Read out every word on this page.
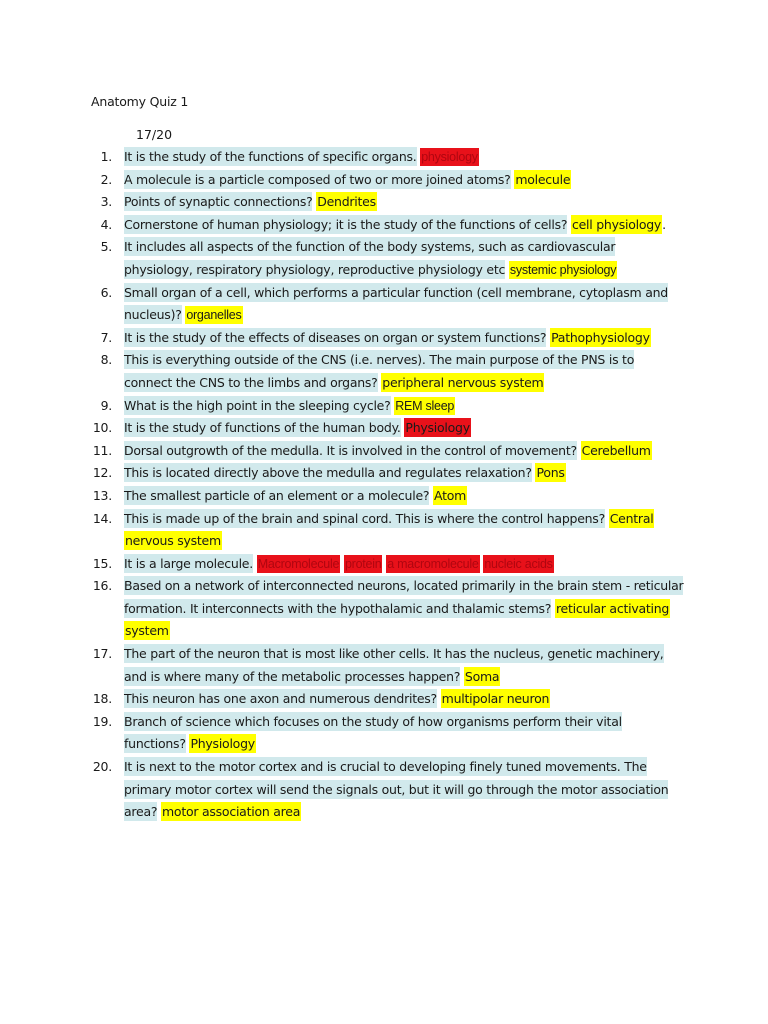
Anatomy Quiz 1
17/20
1. It is the study of the functions of specific organs. physiology
2. A molecule is a particle composed of two or more joined atoms? molecule
3. Points of synaptic connections? Dendrites
4. Cornerstone of human physiology; it is the study of the functions of cells? cell physiology.
5. It includes all aspects of the function of the body systems, such as cardiovascular physiology, respiratory physiology, reproductive physiology etc systemic physiology
6. Small organ of a cell, which performs a particular function (cell membrane, cytoplasm and nucleus)? organelles
7. It is the study of the effects of diseases on organ or system functions? Pathophysiology
8. This is everything outside of the CNS (i.e. nerves). The main purpose of the PNS is to connect the CNS to the limbs and organs? peripheral nervous system
9. What is the high point in the sleeping cycle? REM sleep
10. It is the study of functions of the human body. Physiology
11. Dorsal outgrowth of the medulla. It is involved in the control of movement? Cerebellum
12. This is located directly above the medulla and regulates relaxation? Pons
13. The smallest particle of an element or a molecule? Atom
14. This is made up of the brain and spinal cord. This is where the control happens? Central nervous system
15. It is a large molecule. Macromolecule protein a macromolecule nucleic acids
16. Based on a network of interconnected neurons, located primarily in the brain stem - reticular formation. It interconnects with the hypothalamic and thalamic stems? reticular activating system
17. The part of the neuron that is most like other cells. It has the nucleus, genetic machinery, and is where many of the metabolic processes happen? Soma
18. This neuron has one axon and numerous dendrites? multipolar neuron
19. Branch of science which focuses on the study of how organisms perform their vital functions? Physiology
20. It is next to the motor cortex and is crucial to developing finely tuned movements. The primary motor cortex will send the signals out, but it will go through the motor association area? motor association area
